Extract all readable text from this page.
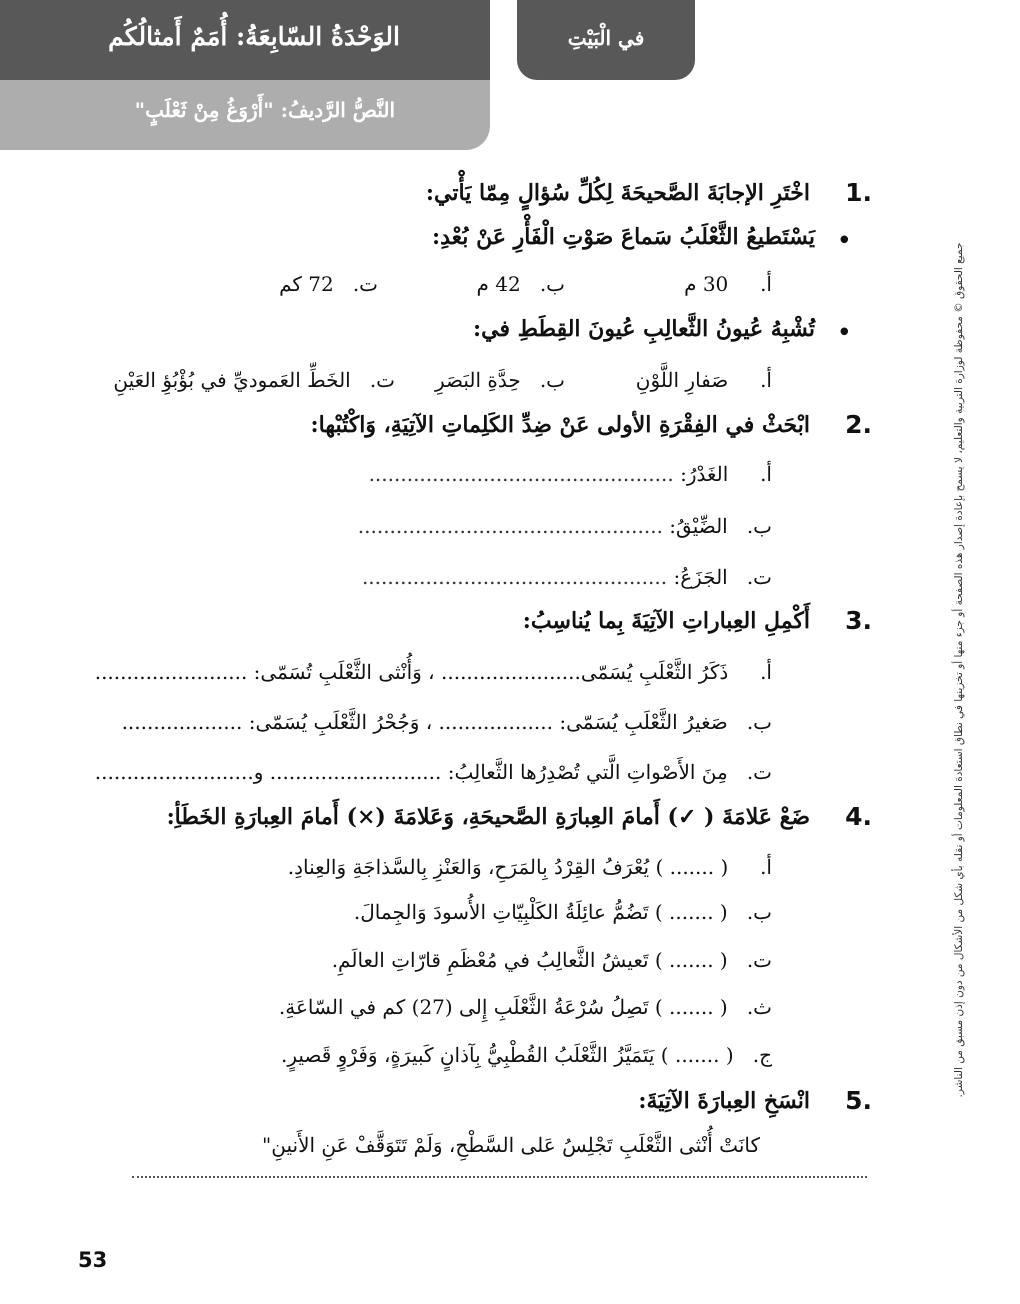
الوَحْدَةُ السّابِعَةُ: أُمَمٌ أَمثالُكُم
النَّصُّ الرَّديفُ: "أَرْوَغُ مِنْ ثَعْلَبٍ"
في الْبَيْتِ
1.
اخْتَرِ الإجابَةَ الصَّحيحَةَ لِكُلِّ سُؤالٍ مِمّا يَأْتي:
•
يَسْتَطيعُ الثَّعْلَبُ سَماعَ صَوْتِ الْفَأْرِ عَنْ بُعْدِ:
أ.     30 م
ب.   42 م
ت.   72 كم
•
تُشْبِهُ عُيونُ الثَّعالِبِ عُيونَ القِطَطِ في:
أ.     صَفارِ اللَّوْنِ
ب.   حِدَّةِ البَصَرِ
ت.   الخَطِّ العَموديِّ في بُؤْبُؤِ العَيْنِ
2.
ابْحَثْ في الفِقْرَةِ الأولى عَنْ ضِدِّ الكَلِماتِ الآتِيَةِ، وَاكْتُبْها:
أ.     الغَدْرُ: ................................................
ب.   الضِّيْقُ: ................................................
ت.   الجَزَعُ: ................................................
3.
أَكْمِلِ العِباراتِ الآتِيَةَ بِما يُناسِبُ:
أ.     ذَكَرُ الثَّعْلَبِ يُسَمّى...................... ، وَأُنْثى الثَّعْلَبِ تُسَمّى: ........................
ب.   صَغيرُ الثَّعْلَبِ يُسَمّى: .................. ، وَجُحْرُ الثَّعْلَبِ يُسَمّى: ...................
ت.   مِنَ الأَصْواتِ الَّتي تُصْدِرُها الثَّعالِبُ: ........................... و.........................
4.
ضَعْ عَلامَةَ ( ✓) أَمامَ العِبارَةِ الصَّحيحَةِ، وَعَلامَةَ (×) أَمامَ العِبارَةِ الخَطَأِ:
أ.     ( ....... ) يُعْرَفُ القِرْدُ بِالمَرَحِ، وَالعَنْزِ بِالسَّذاجَةِ وَالعِنادِ.
ب.   ( ....... ) تَضُمُّ عائِلَةُ الكَلْبِيّاتِ الأُسودَ وَالجِمالَ.
ت.   ( ....... ) تَعيشُ الثَّعالِبُ في مُعْظَمِ قارّاتِ العالَمِ.
ث.   ( ....... ) تَصِلُ سُرْعَةُ الثَّعْلَبِ إِلى (27) كم في السّاعَةِ.
ج.   ( ....... ) يَتَمَيَّزُ الثَّعْلَبُ القُطْبِيُّ بِآذانٍ كَبيرَةٍ، وَفَرْوٍ قَصيرٍ.
5.
انْسَخِ العِبارَةَ الآتِيَةَ:
كانَتْ أُنْثى الثَّعْلَبِ تَجْلِسُ عَلى السَّطْحِ، وَلَمْ تَتَوَقَّفْ عَنِ الأَنينِ"
جميع الحقوق © محفوظة لوزارة التربية والتعليم، لا يسمح بإعادة إصدار هذه الصفحة أو جزء منها أو تخزينها في نطاق استعادة المعلومات أو نقله بأي شكل من الأشكال من دون إذن مسبق من الناشر.
53
